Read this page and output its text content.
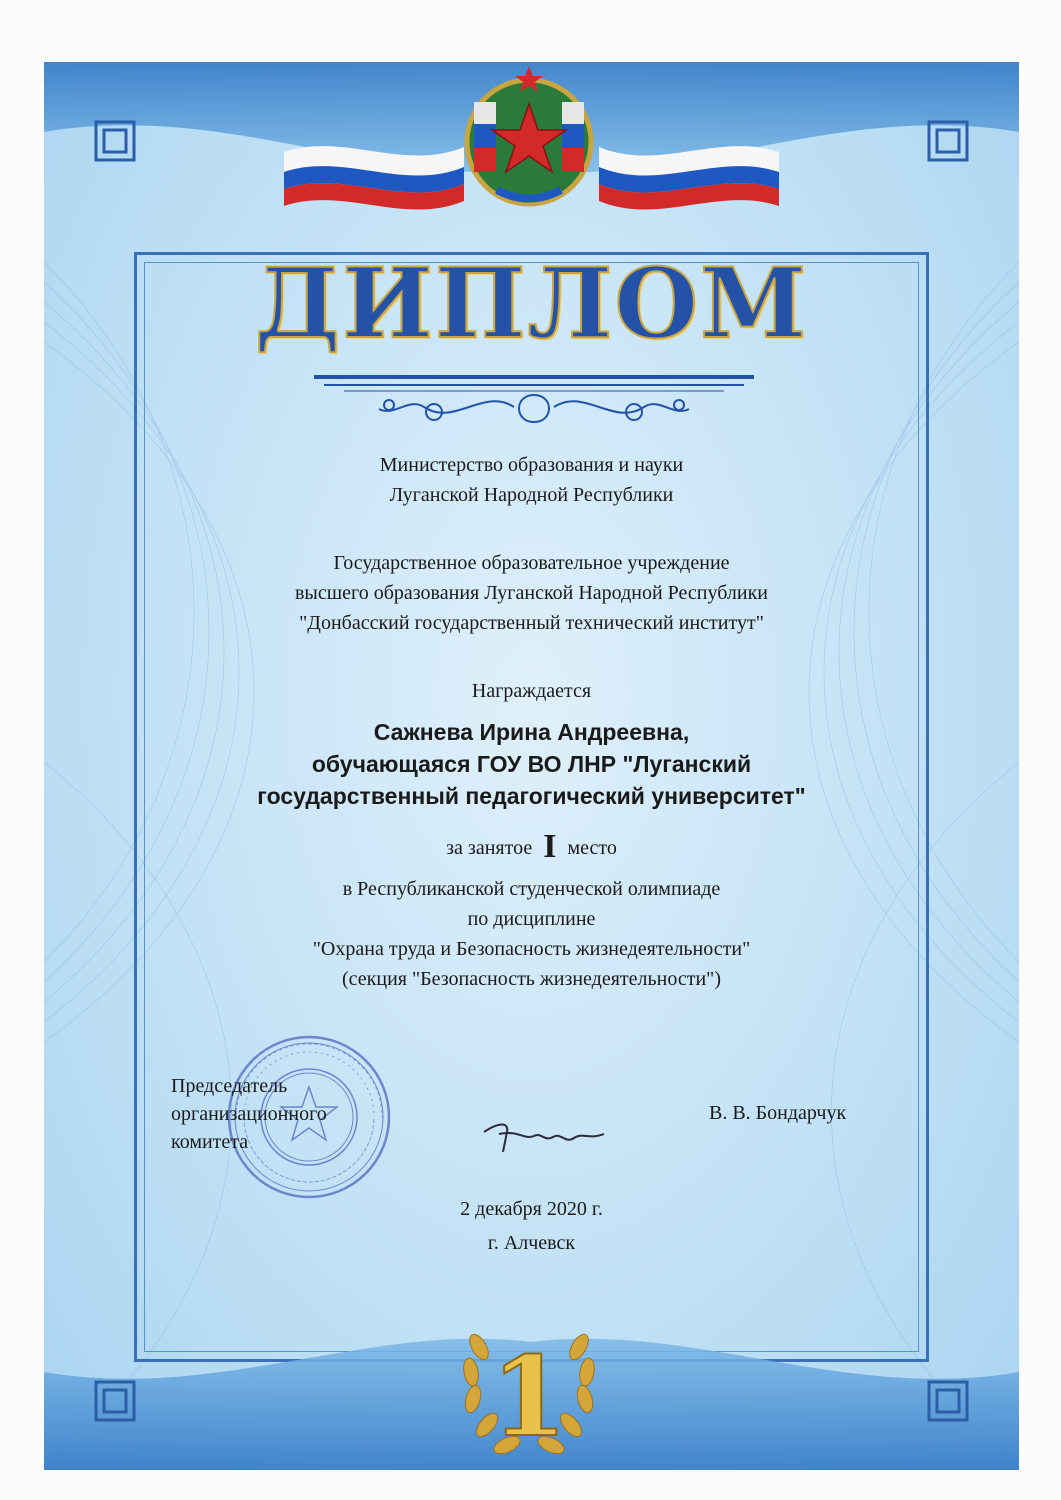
ДИПЛОМ
Министерство образования и науки
Луганской Народной Республики
Государственное образовательное учреждение
высшего образования Луганской Народной Республики
"Донбасский государственный технический институт"
Награждается
Сажнева Ирина Андреевна,
обучающаяся ГОУ ВО ЛНР "Луганский
государственный педагогический университет"
за занятое I место
в Республиканской студенческой олимпиаде
по дисциплине
"Охрана труда и Безопасность жизнедеятельности"
(секция "Безопасность жизнедеятельности")
Председатель
организационного
комитета
В. В. Бондарчук
2 декабря 2020 г.
г. Алчевск
1
